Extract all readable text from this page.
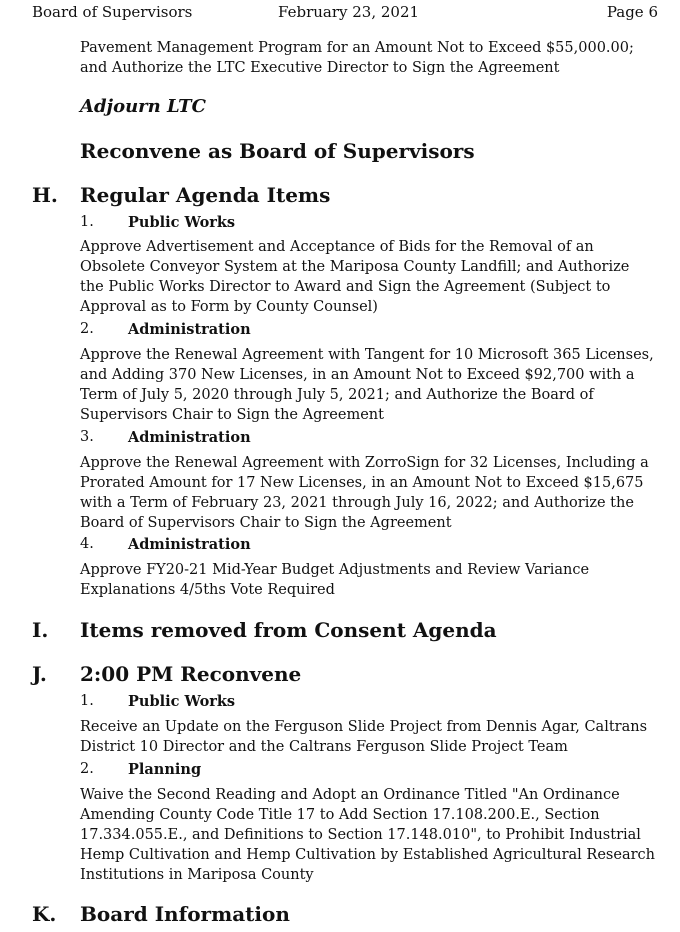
Board of Supervisors	February 23, 2021	Page 6
Pavement Management Program for an Amount Not to Exceed $55,000.00; and Authorize the LTC Executive Director to Sign the Agreement
Adjourn LTC
Reconvene as Board of Supervisors
H. Regular Agenda Items
1. Public Works
Approve Advertisement and Acceptance of Bids for the Removal of an Obsolete Conveyor System at the Mariposa County Landfill; and Authorize the Public Works Director to Award and Sign the Agreement (Subject to Approval as to Form by County Counsel)
2. Administration
Approve the Renewal Agreement with Tangent for 10 Microsoft 365 Licenses, and Adding 370 New Licenses, in an Amount Not to Exceed $92,700 with a Term of July 5, 2020 through July 5, 2021; and Authorize the Board of Supervisors Chair to Sign the Agreement
3. Administration
Approve the Renewal Agreement with ZorroSign for 32 Licenses, Including a Prorated Amount for 17 New Licenses, in an Amount Not to Exceed $15,675 with a Term of February 23, 2021 through July 16, 2022; and Authorize the Board of Supervisors Chair to Sign the Agreement
4. Administration
Approve FY20-21 Mid-Year Budget Adjustments and Review Variance Explanations 4/5ths Vote Required
I. Items removed from Consent Agenda
J. 2:00 PM Reconvene
1. Public Works
Receive an Update on the Ferguson Slide Project from Dennis Agar, Caltrans District 10 Director and the Caltrans Ferguson Slide Project Team
2. Planning
Waive the Second Reading and Adopt an Ordinance Titled "An Ordinance Amending County Code Title 17 to Add Section 17.108.200.E., Section 17.334.055.E., and Definitions to Section 17.148.010", to Prohibit Industrial Hemp Cultivation and Hemp Cultivation by Established Agricultural Research Institutions in Mariposa County
K. Board Information
